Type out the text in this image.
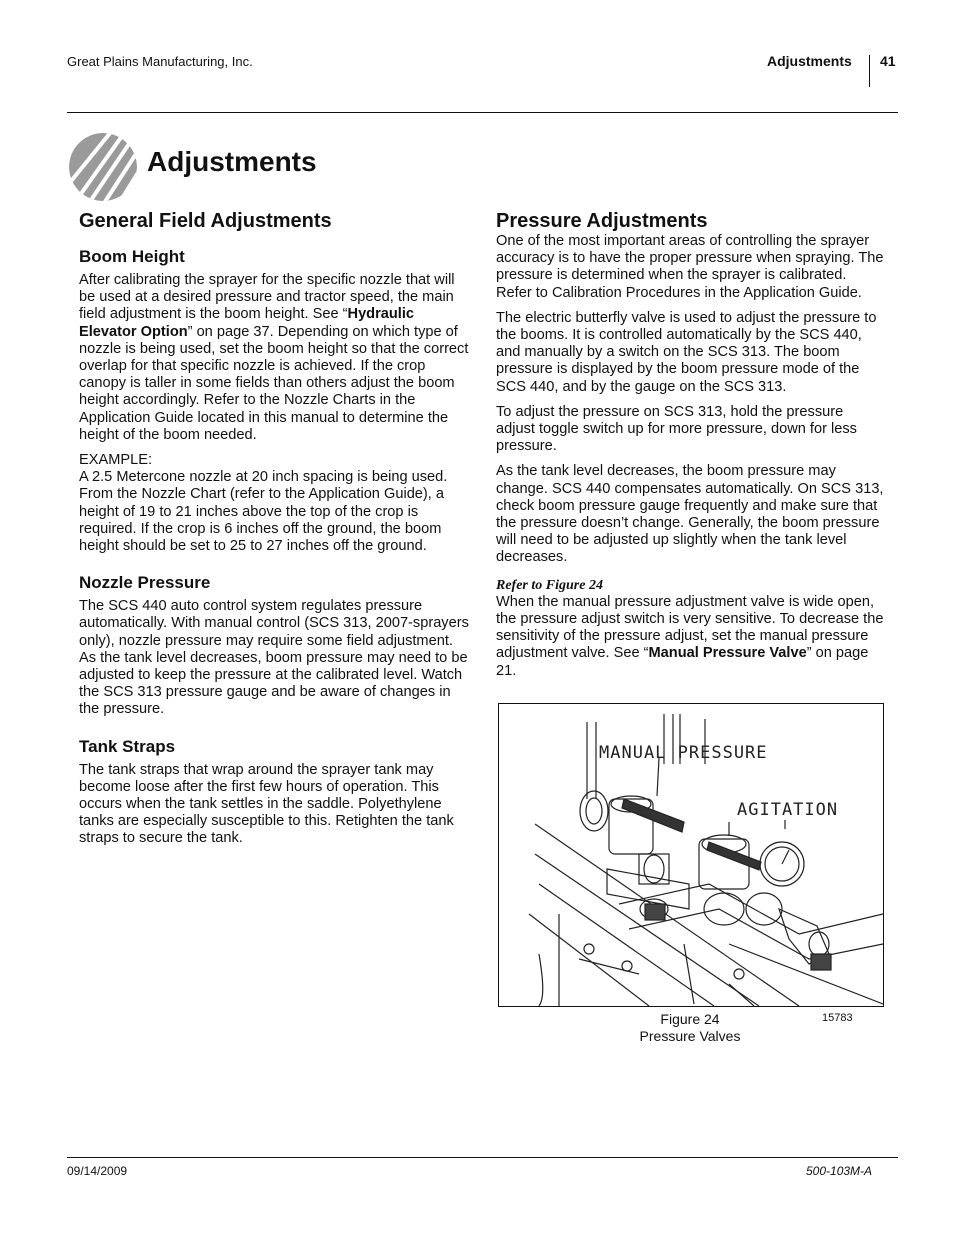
Great Plains Manufacturing, Inc.	Adjustments 41
Adjustments
General Field Adjustments
Boom Height

After calibrating the sprayer for the specific nozzle that will be used at a desired pressure and tractor speed, the main field adjustment is the boom height. See “Hydraulic Elevator Option” on page 37. Depending on which type of nozzle is being used, set the boom height so that the correct overlap for that specific nozzle is achieved. If the crop canopy is taller in some fields than others adjust the boom height accordingly. Refer to the Nozzle Charts in the Application Guide located in this manual to determine the height of the boom needed.

EXAMPLE:
A 2.5 Metercone nozzle at 20 inch spacing is being used. From the Nozzle Chart (refer to the Application Guide), a height of 19 to 21 inches above the top of the crop is required. If the crop is 6 inches off the ground, the boom height should be set to 25 to 27 inches off the ground.

Nozzle Pressure

The SCS 440 auto control system regulates pressure automatically. With manual control (SCS 313, 2007-sprayers only), nozzle pressure may require some field adjustment. As the tank level decreases, boom pressure may need to be adjusted to keep the pressure at the calibrated level. Watch the SCS 313 pressure gauge and be aware of changes in the pressure.

Tank Straps

The tank straps that wrap around the sprayer tank may become loose after the first few hours of operation. This occurs when the tank settles in the saddle. Polyethylene tanks are especially susceptible to this. Retighten the tank straps to secure the tank.

Pressure Adjustments

One of the most important areas of controlling the sprayer accuracy is to have the proper pressure when spraying. The pressure is determined when the sprayer is calibrated. Refer to Calibration Procedures in the Application Guide.

The electric butterfly valve is used to adjust the pressure to the booms. It is controlled automatically by the SCS 440, and manually by a switch on the SCS 313. The boom pressure is displayed by the boom pressure mode of the SCS 440, and by the gauge on the SCS 313.

To adjust the pressure on SCS 313, hold the pressure adjust toggle switch up for more pressure, down for less pressure.

As the tank level decreases, the boom pressure may change. SCS 440 compensates automatically. On SCS 313, check boom pressure gauge frequently and make sure that the pressure doesn’t change. Generally, the boom pressure will need to be adjusted up slightly when the tank level decreases.

Refer to Figure 24

When the manual pressure adjustment valve is wide open, the pressure adjust switch is very sensitive. To decrease the sensitivity of the pressure adjust, set the manual pressure adjustment valve. See “Manual Pressure Valve” on page 21.

MANUAL PRESSURE
AGITATION
Figure 24
Pressure Valves
15783
09/14/2009	500-103M-A
